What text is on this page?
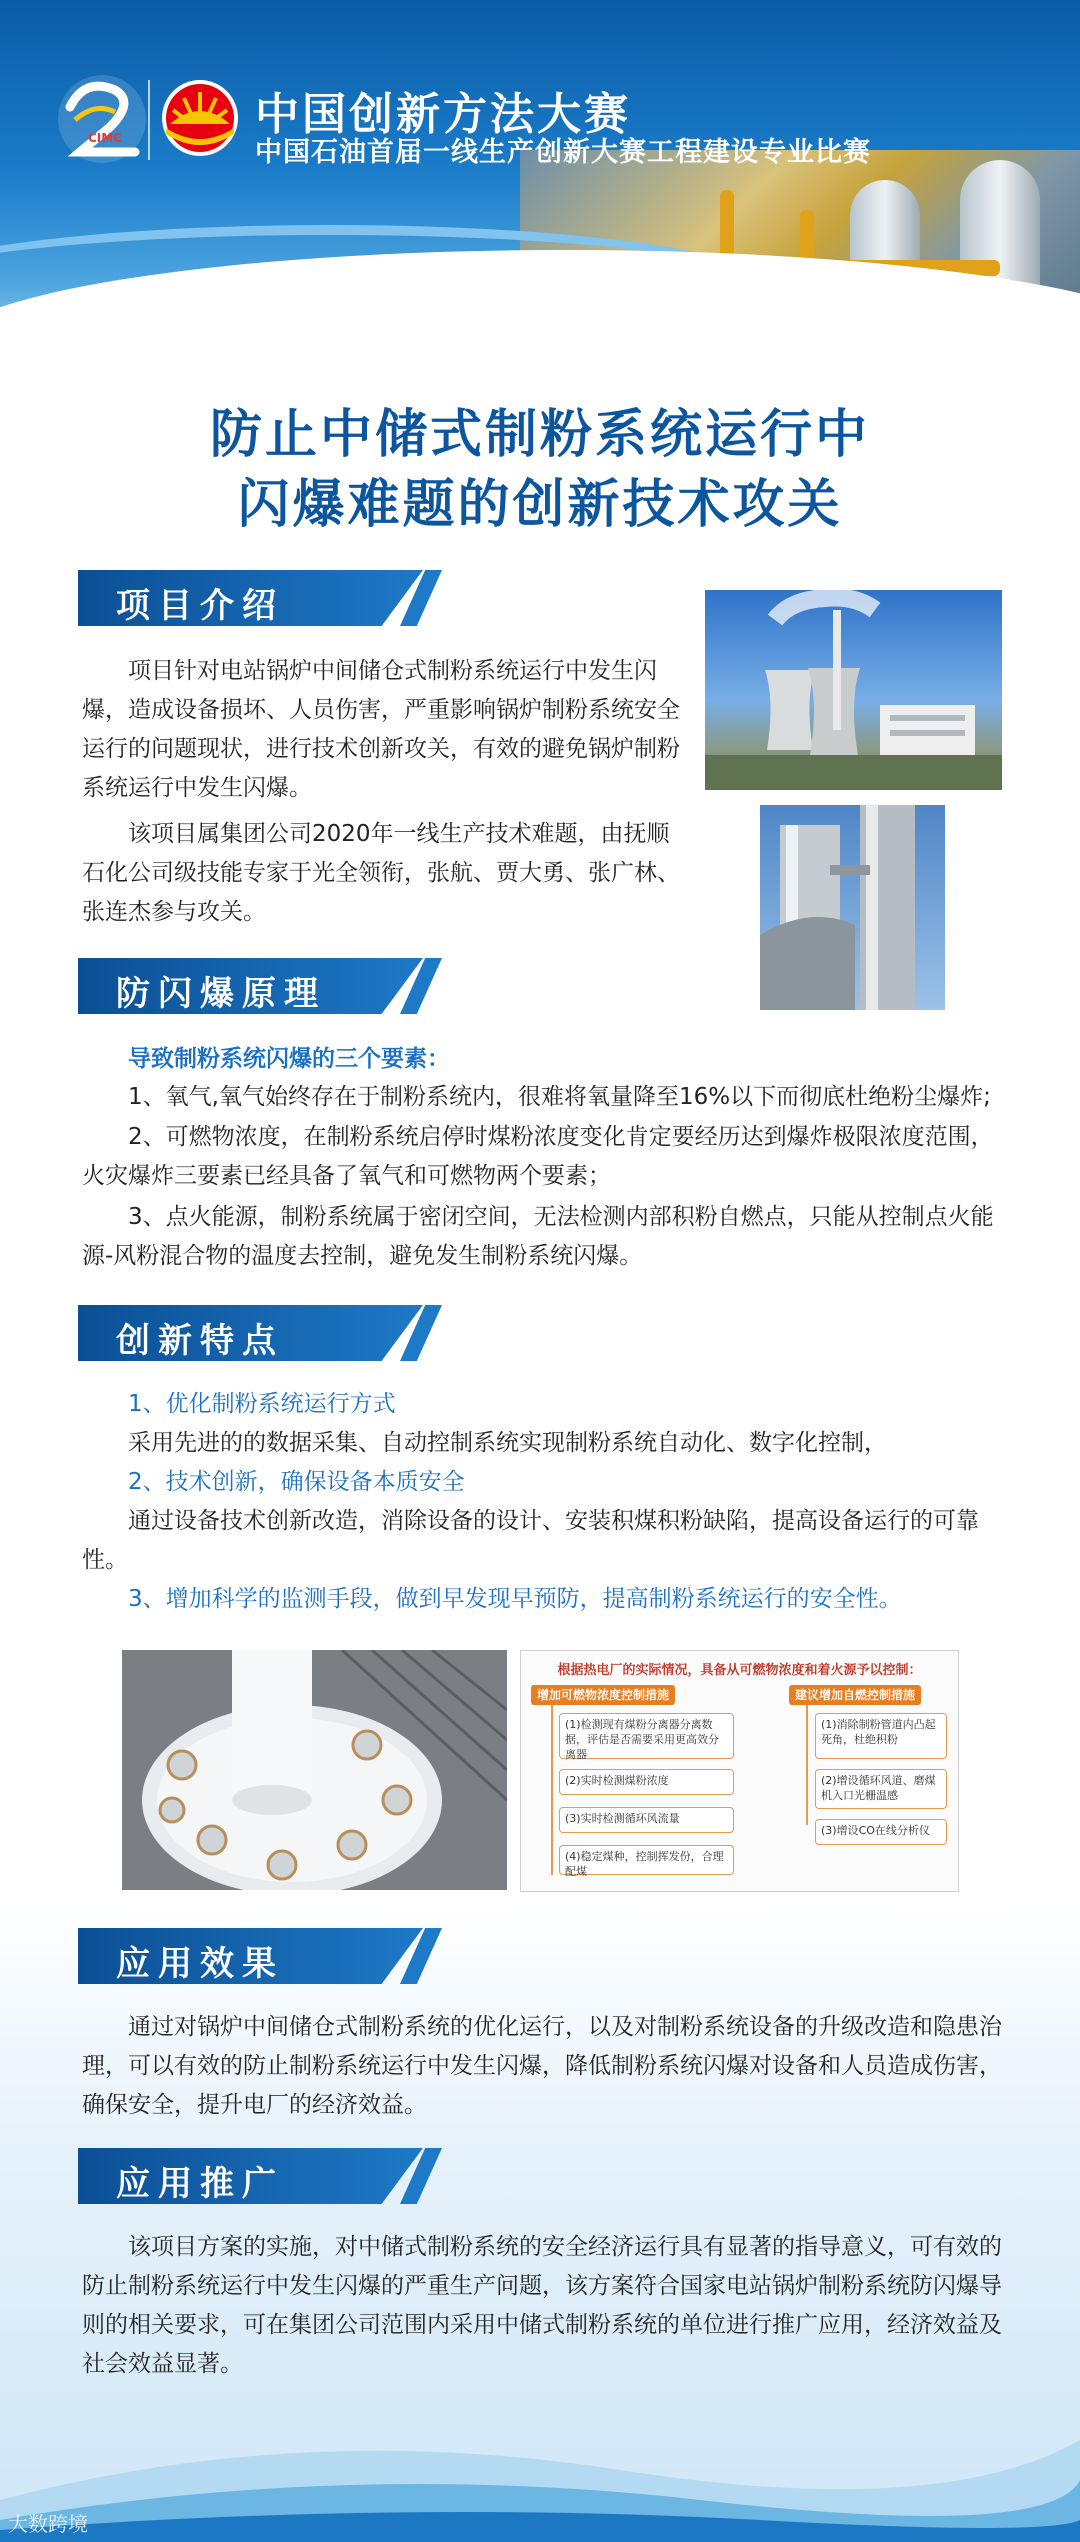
CIMC	中国创新方法大赛
中国石油首届一线生产创新大赛工程建设专业比赛
防止中储式制粉系统运行中
闪爆难题的创新技术攻关
项目介绍

项目针对电站锅炉中间储仓式制粉系统运行中发生闪爆，造成设备损坏、人员伤害，严重影响锅炉制粉系统安全运行的问题现状，进行技术创新攻关，有效的避免锅炉制粉系统运行中发生闪爆。

该项目属集团公司2020年一线生产技术难题，由抚顺石化公司级技能专家于光全领衔，张航、贾大勇、张广林、张连杰参与攻关。

防闪爆原理

导致制粉系统闪爆的三个要素：

1、氧气,氧气始终存在于制粉系统内，很难将氧量降至16%以下而彻底杜绝粉尘爆炸;

2、可燃物浓度，在制粉系统启停时煤粉浓度变化肯定要经历达到爆炸极限浓度范围，火灾爆炸三要素已经具备了氧气和可燃物两个要素；

3、点火能源，制粉系统属于密闭空间，无法检测内部积粉自燃点，只能从控制点火能源-风粉混合物的温度去控制，避免发生制粉系统闪爆。

创新特点

1、优化制粉系统运行方式

采用先进的的数据采集、自动控制系统实现制粉系统自动化、数字化控制，

2、技术创新，确保设备本质安全

通过设备技术创新改造，消除设备的设计、安装积煤积粉缺陷，提高设备运行的可靠性。

3、增加科学的监测手段，做到早发现早预防，提高制粉系统运行的安全性。

根据热电厂的实际情况，具备从可燃物浓度和着火源予以控制：
增加可燃物浓度控制措施	建议增加自燃控制措施
(1)检测现有煤粉分离器分离数据，评估是否需要采用更高效分离器
(2)实时检测煤粉浓度
(3)实时检测循环风流量
(4)稳定煤种，控制挥发份，合理配煤
(1)消除制粉管道内凸起死角，杜绝积粉
(2)增设循环风道、磨煤机入口光栅温感
(3)增设CO在线分析仪
应用效果

通过对锅炉中间储仓式制粉系统的优化运行，以及对制粉系统设备的升级改造和隐患治理，可以有效的防止制粉系统运行中发生闪爆，降低制粉系统闪爆对设备和人员造成伤害，确保安全，提升电厂的经济效益。

应用推广

该项目方案的实施，对中储式制粉系统的安全经济运行具有显著的指导意义，可有效的防止制粉系统运行中发生闪爆的严重生产问题，该方案符合国家电站锅炉制粉系统防闪爆导则的相关要求，可在集团公司范围内采用中储式制粉系统的单位进行推广应用，经济效益及社会效益显著。

大数跨境
